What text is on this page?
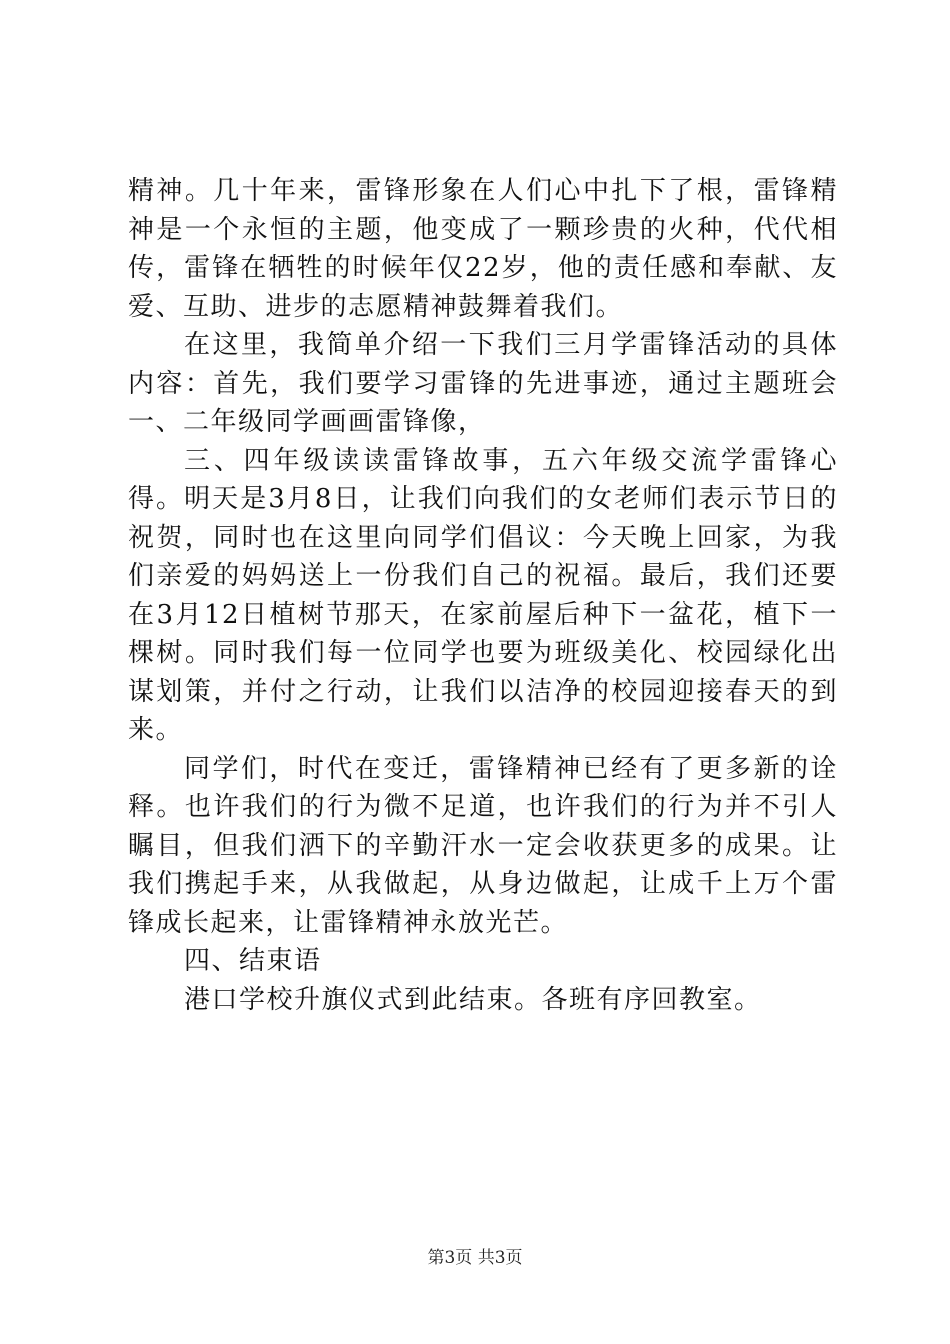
精神。几十年来，雷锋形象在人们心中扎下了根，雷锋精神是一个永恒的主题，他变成了一颗珍贵的火种，代代相传，雷锋在牺牲的时候年仅22岁，他的责任感和奉献、友爱、互助、进步的志愿精神鼓舞着我们。

在这里，我简单介绍一下我们三月学雷锋活动的具体内容：首先，我们要学习雷锋的先进事迹，通过主题班会一、二年级同学画画雷锋像，

三、四年级读读雷锋故事，五六年级交流学雷锋心得。明天是3月8日，让我们向我们的女老师们表示节日的祝贺，同时也在这里向同学们倡议：今天晚上回家，为我们亲爱的妈妈送上一份我们自己的祝福。最后，我们还要在3月12日植树节那天，在家前屋后种下一盆花，植下一棵树。同时我们每一位同学也要为班级美化、校园绿化出谋划策，并付之行动，让我们以洁净的校园迎接春天的到来。

同学们，时代在变迁，雷锋精神已经有了更多新的诠释。也许我们的行为微不足道，也许我们的行为并不引人瞩目，但我们洒下的辛勤汗水一定会收获更多的成果。让我们携起手来，从我做起，从身边做起，让成千上万个雷锋成长起来，让雷锋精神永放光芒。

四、结束语

港口学校升旗仪式到此结束。各班有序回教室。

第3页 共3页
